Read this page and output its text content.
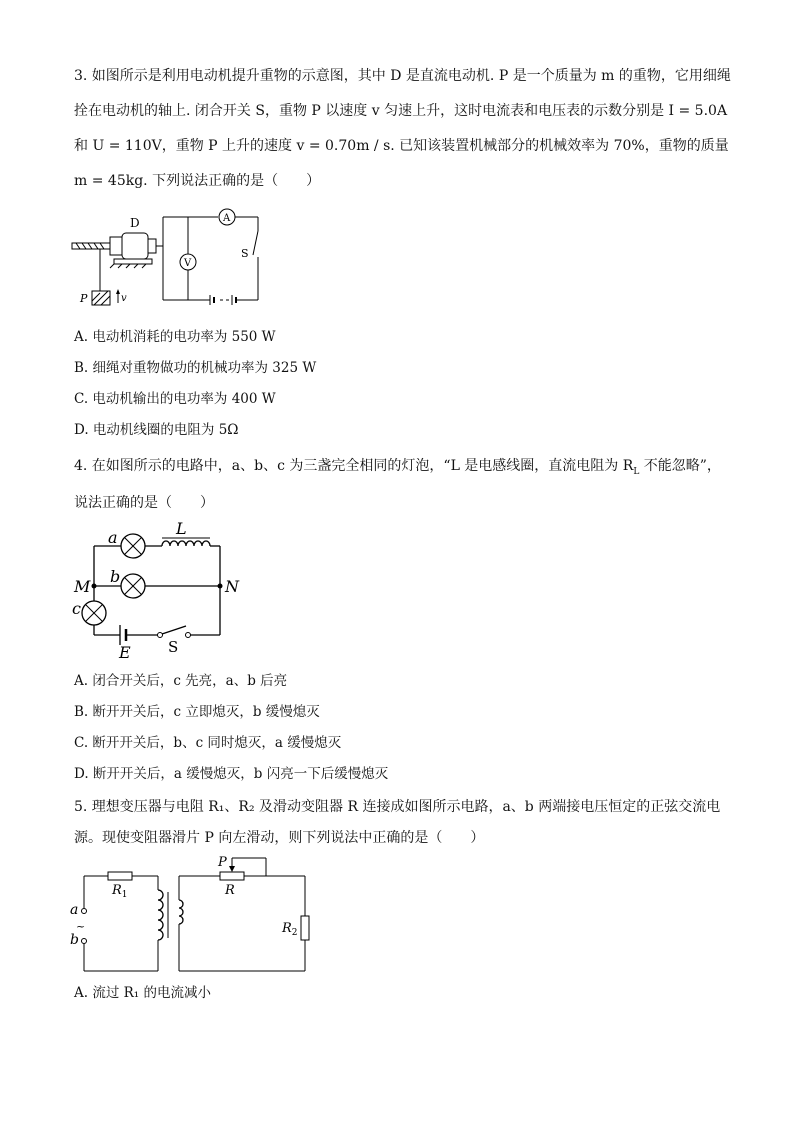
3. 如图所示是利用电动机提升重物的示意图，其中 D 是直流电动机. P 是一个质量为 m 的重物，它用细绳
拴在电动机的轴上. 闭合开关 S，重物 P 以速度 v 匀速上升，这时电流表和电压表的示数分别是 I = 5.0A
和 U = 110V，重物 P 上升的速度 v = 0.70m / s. 已知该装置机械部分的机械效率为 70%，重物的质量
m = 45kg. 下列说法正确的是（　　）
D
P	v
A
S
V
A. 电动机消耗的电功率为 550 W
B. 细绳对重物做功的机械功率为 325 W
C. 电动机输出的电功率为 400 W
D. 电动机线圈的电阻为 5Ω
4. 在如图所示的电路中，a、b、c 为三盏完全相同的灯泡，“L 是电感线圈，直流电阻为 $R_L$ 不能忽略”，
说法正确的是（　　）
a	L
b
M	N
c
E S
A. 闭合开关后，c 先亮，a、b 后亮
B. 断开开关后，c 立即熄灭，b 缓慢熄灭
C. 断开开关后，b、c 同时熄灭，a 缓慢熄灭
D. 断开开关后，a 缓慢熄灭，b 闪亮一下后缓慢熄灭
5. 理想变压器与电阻 R₁、R₂ 及滑动变阻器 R 连接成如图所示电路，a、b 两端接电压恒定的正弦交流电
源。现使变阻器滑片 P 向左滑动，则下列说法中正确的是（　　）
$R_1$
a
b
~
R
P
$R_2$
A. 流过 R₁ 的电流减小
